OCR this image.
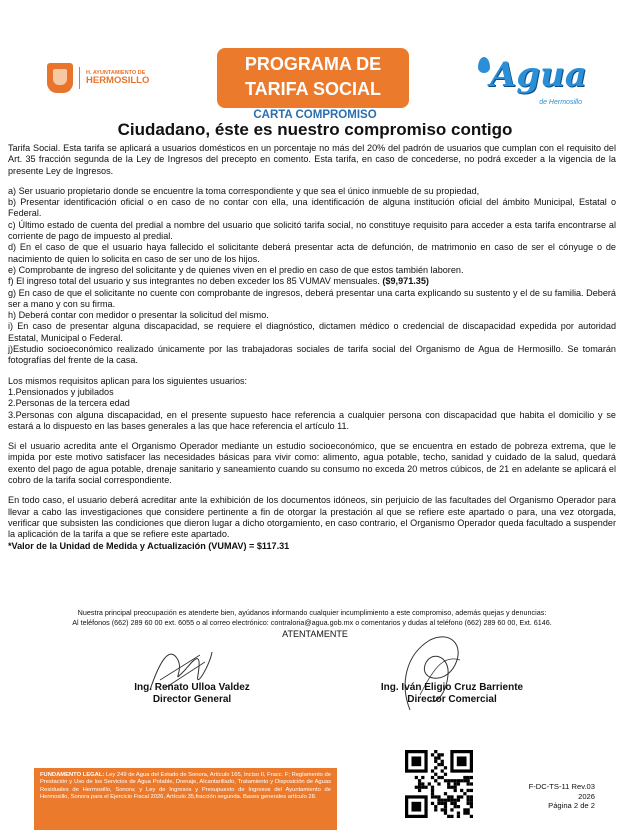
H. AYUNTAMIENTO DE
HERMOSILLO
PROGRAMA DE
TARIFA SOCIAL	Agua
de Hermosillo
CARTA COMPROMISO
Ciudadano, éste es nuestro compromiso contigo

Tarifa Social. Esta tarifa se aplicará a usuarios domésticos en un porcentaje no más del 20% del padrón de usuarios que cumplan con el requisito del Art. 35 fracción segunda de la Ley de Ingresos del precepto en comento. Esta tarifa, en caso de concederse, no podrá exceder a la vigencia de la presente Ley de Ingresos.

a) Ser usuario propietario donde se encuentre la toma correspondiente y que sea el único inmueble de su propiedad,

b) Presentar identificación oficial o en caso de no contar con ella, una identificación de alguna institución oficial del ámbito Municipal, Estatal o Federal.

c) Último estado de cuenta del predial a nombre del usuario que solicitó tarifa social, no constituye requisito para acceder a esta tarifa encontrarse al corriente de pago de impuesto al predial.

d) En el caso de que el usuario haya fallecido el solicitante deberá presentar acta de defunción, de matrimonio en caso de ser el cónyuge o de nacimiento de quien lo solicita en caso de ser uno de los hijos.

e) Comprobante de ingreso del solicitante y de quienes viven en el predio en caso de que estos también laboren.

f) El ingreso total del usuario y sus integrantes no deben exceder los 85 VUMAV mensuales. ($9,971.35)

g) En caso de que el solicitante no cuente con comprobante de ingresos, deberá presentar una carta explicando su sustento y el de su familia. Deberá ser a mano y con su firma.

h) Deberá contar con medidor o presentar la solicitud del mismo.

i) En caso de presentar alguna discapacidad, se requiere el diagnóstico, dictamen médico o credencial de discapacidad expedida por autoridad Estatal, Municipal o Federal.

j)Estudio socioeconómico realizado únicamente por las trabajadoras sociales de tarifa social del Organismo de Agua de Hermosillo. Se tomarán fotografías del frente de la casa.

Los mismos requisitos aplican para los siguientes usuarios:

1.Pensionados y jubilados

2.Personas de la tercera edad

3.Personas con alguna discapacidad, en el presente supuesto hace referencia a cualquier persona con discapacidad que habita el domicilio y se estará a lo dispuesto en las bases generales a las que hace referencia el artículo 11.

Si el usuario acredita ante el Organismo Operador mediante un estudio socioeconómico, que se encuentra en estado de pobreza extrema, que le impida por este motivo satisfacer las necesidades básicas para vivir como: alimento, agua potable, techo, sanidad y cuidado de la salud, quedará exento del pago de agua potable, drenaje sanitario y saneamiento cuando su consumo no exceda 20 metros cúbicos, de 21 en adelante se aplicará el cobro de la tarifa social correspondiente.

En todo caso, el usuario deberá acreditar ante la exhibición de los documentos idóneos, sin perjuicio de las facultades del Organismo Operador para llevar a cabo las investigaciones que considere pertinente a fin de otorgar la prestación al que se refiere este apartado o para, una vez otorgada, verificar que subsisten las condiciones que dieron lugar a dicho otorgamiento, en caso contrario, el Organismo Operador queda facultado a suspender la aplicación de la tarifa a que se refiere este apartado.

*Valor de la Unidad de Medida y Actualización (VUMAV) = $117.31

Nuestra principal preocupación es atenderte bien, ayúdanos informando cualquier incumplimiento a este compromiso, además quejas y denuncias:
Al teléfonos (662) 289 60 00 ext. 6055 o al correo electrónico: contraloria@agua.gob.mx o comentarios y dudas al teléfono (662) 289 60 00, Ext. 6146.
ATENTAMENTE
Ing. Renato Ulloa Valdez
Director General
Ing. Iván Eligio Cruz Barriente
Director Comercial
FUNDAMENTO LEGAL: Ley 249 de Agua del Estado de Sonora, Artículo 165, Inciso II, Fracc. F; Reglamento de Prestación y Uso de los Servicios de Agua Potable, Drenaje, Alcantarillado, Tratamiento y Disposición de Aguas Residuales de Hermosillo, Sonora; y Ley de Ingresos y Presupuesto de Ingresos del Ayuntamiento de Hermosillo, Sonora para el Ejercicio Fiscal 2026, Artículo 35,fracción segunda. Bases generales artículo 28.
F-DC-TS-11 Rev.03
2026
Página 2 de 2
